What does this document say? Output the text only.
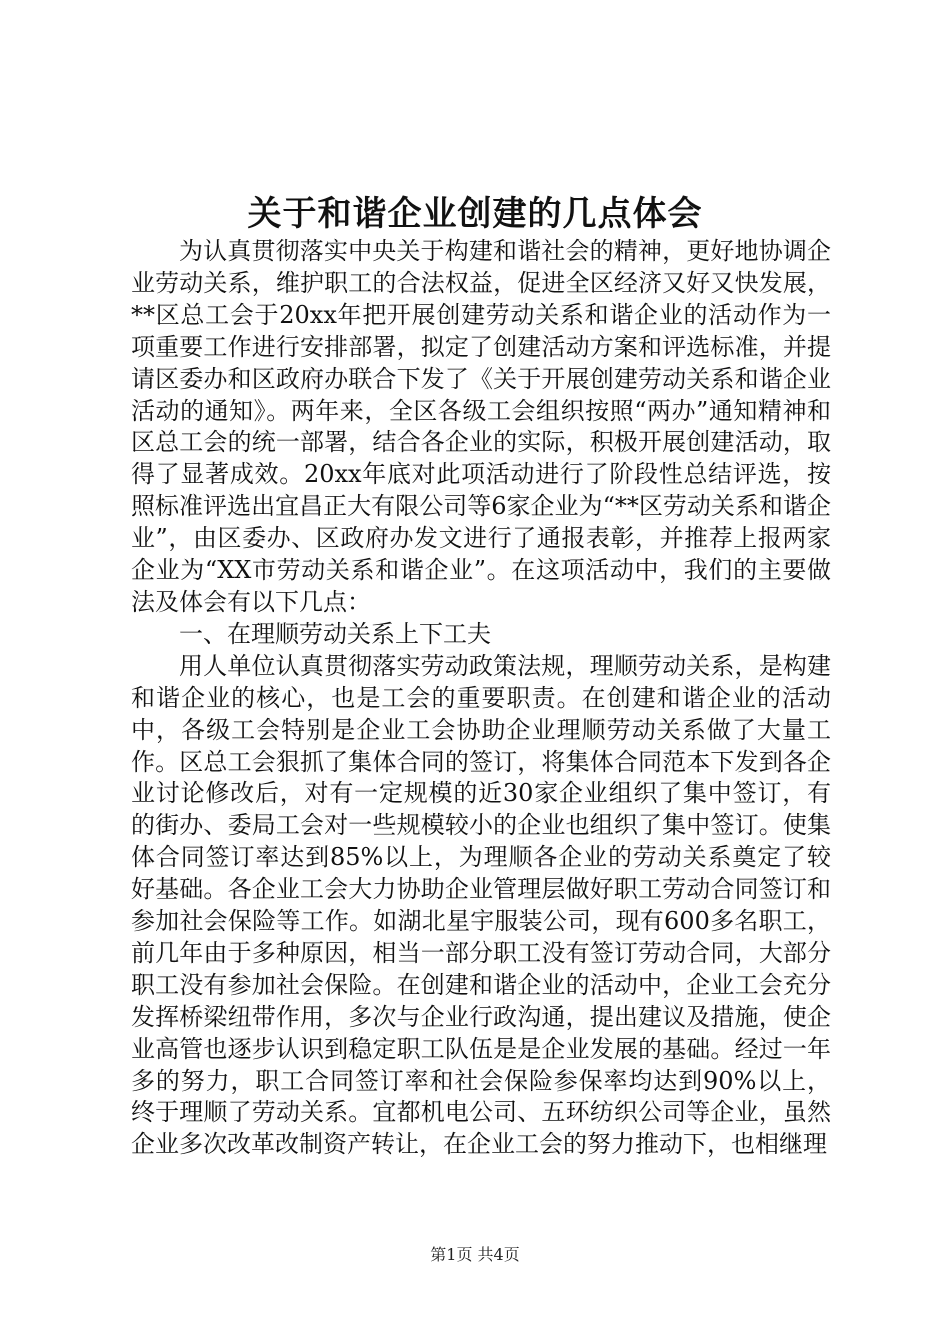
关于和谐企业创建的几点体会

为认真贯彻落实中央关于构建和谐社会的精神，更好地协调企业劳动关系，维护职工的合法权益，促进全区经济又好又快发展，**区总工会于20xx年把开展创建劳动关系和谐企业的活动作为一项重要工作进行安排部署，拟定了创建活动方案和评选标准，并提请区委办和区政府办联合下发了《关于开展创建劳动关系和谐企业活动的通知》。两年来，全区各级工会组织按照“两办”通知精神和区总工会的统一部署，结合各企业的实际，积极开展创建活动，取得了显著成效。20xx年底对此项活动进行了阶段性总结评选，按照标准评选出宜昌正大有限公司等6家企业为“**区劳动关系和谐企业”，由区委办、区政府办发文进行了通报表彰，并推荐上报两家企业为“XX市劳动关系和谐企业”。在这项活动中，我们的主要做法及体会有以下几点：

一、在理顺劳动关系上下工夫

用人单位认真贯彻落实劳动政策法规，理顺劳动关系，是构建和谐企业的核心，也是工会的重要职责。在创建和谐企业的活动中，各级工会特别是企业工会协助企业理顺劳动关系做了大量工作。区总工会狠抓了集体合同的签订，将集体合同范本下发到各企业讨论修改后，对有一定规模的近30家企业组织了集中签订，有的街办、委局工会对一些规模较小的企业也组织了集中签订。使集体合同签订率达到85%以上，为理顺各企业的劳动关系奠定了较好基础。各企业工会大力协助企业管理层做好职工劳动合同签订和参加社会保险等工作。如湖北星宇服装公司，现有600多名职工，前几年由于多种原因，相当一部分职工没有签订劳动合同，大部分职工没有参加社会保险。在创建和谐企业的活动中，企业工会充分发挥桥梁纽带作用，多次与企业行政沟通，提出建议及措施，使企业高管也逐步认识到稳定职工队伍是是企业发展的基础。经过一年多的努力，职工合同签订率和社会保险参保率均达到90%以上，终于理顺了劳动关系。宜都机电公司、五环纺织公司等企业，虽然企业多次改革改制资产转让，在企业工会的努力推动下，也相继理

第1页 共4页
